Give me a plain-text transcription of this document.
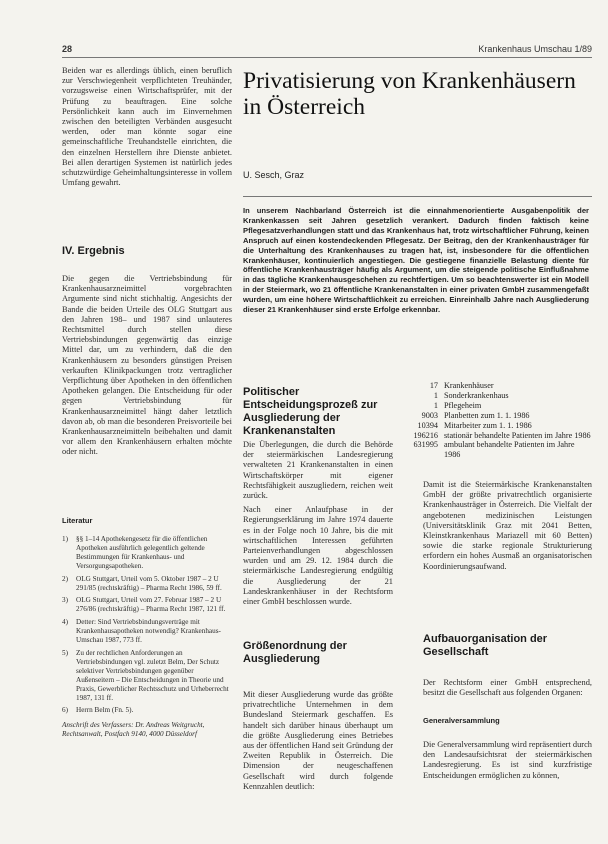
28	Krankenhaus Umschau 1/89

Beiden war es allerdings üblich, einen beruflich zur Verschwiegenheit verpflichteten Treuhänder, vorzugsweise einen Wirtschaftsprüfer, mit der Prüfung zu beauftragen. Eine solche Persönlichkeit kann auch im Einvernehmen zwischen den beteiligten Verbänden ausgesucht werden, oder man könnte sogar eine gemeinschaftliche Treuhandstelle einrichten, die den einzelnen Herstellern ihre Dienste anbietet. Bei allen derartigen Systemen ist natürlich jedes schutzwürdige Geheimhaltungsinteresse in vollem Umfang gewahrt.

IV. Ergebnis

Die gegen die Vertriebsbindung für Krankenhausarzneimittel vorgebrachten Argumente sind nicht stichhaltig. Angesichts der Bande die beiden Urteile des OLG Stuttgart aus den Jahren 198– und 1987 sind unlauteres Rechtsmittel durch stellen diese Vertriebsbindungen gegenwärtig das einzige Mittel dar, um zu verhindern, daß die den Krankenhäusern zu besonders günstigen Preisen verkauften Klinikpackungen trotz vertraglicher Verpflichtung über Apotheken in den öffentlichen Apotheken gelangen. Die Entscheidung für oder gegen Vertriebsbindung für Krankenhausarzneimittel hängt daher letztlich davon ab, ob man die besonderen Preisvorteile bei Krankenhausarzneimitteln beibehalten und damit vor allem den Krankenhäusern erhalten möchte oder nicht.

Literatur
1) §§ 1–14 Apothekengesetz für die öffentlichen Apotheken ausführlich gelegentlich geltende Bestimmungen für Krankenhaus- und Versorgungsapotheken.
2) OLG Stuttgart, Urteil vom 5. Oktober 1987 – 2 U 291/85 (rechtskräftig) – Pharma Recht 1986, 59 ff.
3) OLG Stuttgart, Urteil vom 27. Februar 1987 – 2 U 276/86 (rechtskräftig) – Pharma Recht 1987, 121 ff.
4) Detter: Sind Vertriebsbindungsverträge mit Krankenhausapotheken notwendig? Krankenhaus-Umschau 1987, 773 ff.
5) Zu der rechtlichen Anforderungen an Vertriebsbindungen vgl. zuletzt Belm, Der Schutz selektiver Vertriebsbindungen gegenüber Außenseitern – Die Entscheidungen in Theorie und Praxis, Gewerblicher Rechtsschutz und Urheberrecht 1987, 131 ff.
6) Herrn Belm (Fn. 5).
Anschrift des Verfassers: Dr. Andreas Weitgrucht, Rechtsanwalt, Postfach 9140, 4000 Düsseldorf
Privatisierung von Krankenhäusern in Österreich
U. Sesch, Graz
In unserem Nachbarland Österreich ist die einnahmenorientierte Ausgabenpolitik der Krankenkassen seit Jahren gesetzlich verankert. Dadurch finden faktisch keine Pflegesatzverhandlungen statt und das Krankenhaus hat, trotz wirtschaftlicher Führung, keinen Anspruch auf einen kostendeckenden Pflegesatz. Der Beitrag, den der Krankenhausträger für die Unterhaltung des Krankenhauses zu tragen hat, ist, insbesondere für die öffentlichen Krankenhäuser, kontinuierlich angestiegen. Die gestiegene finanzielle Belastung diente für öffentliche Krankenhausträger häufig als Argument, um die steigende politische Einflußnahme in das tägliche Krankenhausgeschehen zu rechtfertigen. Um so beachtenswerter ist ein Modell in der Steiermark, wo 21 öffentliche Krankenanstalten in einer privaten GmbH zusammengefaßt wurden, um eine höhere Wirtschaftlichkeit zu erreichen. Einreinhalb Jahre nach Ausgliederung dieser 21 Krankenhäuser sind erste Erfolge erkennbar.
Politischer Entscheidungsprozeß zur Ausgliederung der Krankenanstalten

Die Überlegungen, die durch die Behörde der steiermärkischen Landesregierung verwalteten 21 Krankenanstalten in einen Wirtschaftskörper mit eigener Rechtsfähigkeit auszugliedern, reichen weit zurück.

Nach einer Anlaufphase in der Regierungserklärung im Jahre 1974 dauerte es in der Folge noch 10 Jahre, bis die mit wirtschaftlichen Interessen geführten Parteienverhandlungen abgeschlossen wurden und am 29. 12. 1984 durch die steiermärkische Landesregierung endgültig die Ausgliederung der 21 Landeskrankenhäuser in der Rechtsform einer GmbH beschlossen wurde.

Größenordnung der Ausgliederung

Mit dieser Ausgliederung wurde das größte privatrechtliche Unternehmen in dem Bundesland Steiermark geschaffen. Es handelt sich darüber hinaus überhaupt um die größte Ausgliederung eines Betriebes aus der öffentlichen Hand seit Gründung der Zweiten Republik in Österreich. Die Dimension der neugeschaffenen Gesellschaft wird durch folgende Kennzahlen deutlich:

17 Krankenhäuser
1 Sonderkrankenhaus
1 Pflegeheim
9003 Planbetten zum 1. 1. 1986
10394 Mitarbeiter zum 1. 1. 1986
196216 stationär behandelte Patienten im Jahre 1986
631995 ambulant behandelte Patienten im Jahre 1986

Damit ist die Steiermärkische Krankenanstalten GmbH der größte privatrechtlich organisierte Krankenhausträger in Österreich. Die Vielfalt der angebotenen medizinischen Leistungen (Universitätsklinik Graz mit 2041 Betten, Kleinstkrankenhaus Mariazell mit 60 Betten) sowie die starke regionale Strukturierung erfordern ein hohes Ausmaß an organisatorischen Koordinierungsaufwand.

Aufbauorganisation der Gesellschaft

Der Rechtsform einer GmbH entsprechend, besitzt die Gesellschaft aus folgenden Organen:

Generalversammlung

Die Generalversammlung wird repräsentiert durch den Landesaufsichtsrat der steiermärkischen Landesregierung. Es ist sind kurzfristige Entscheidungen ermöglichen zu können,
